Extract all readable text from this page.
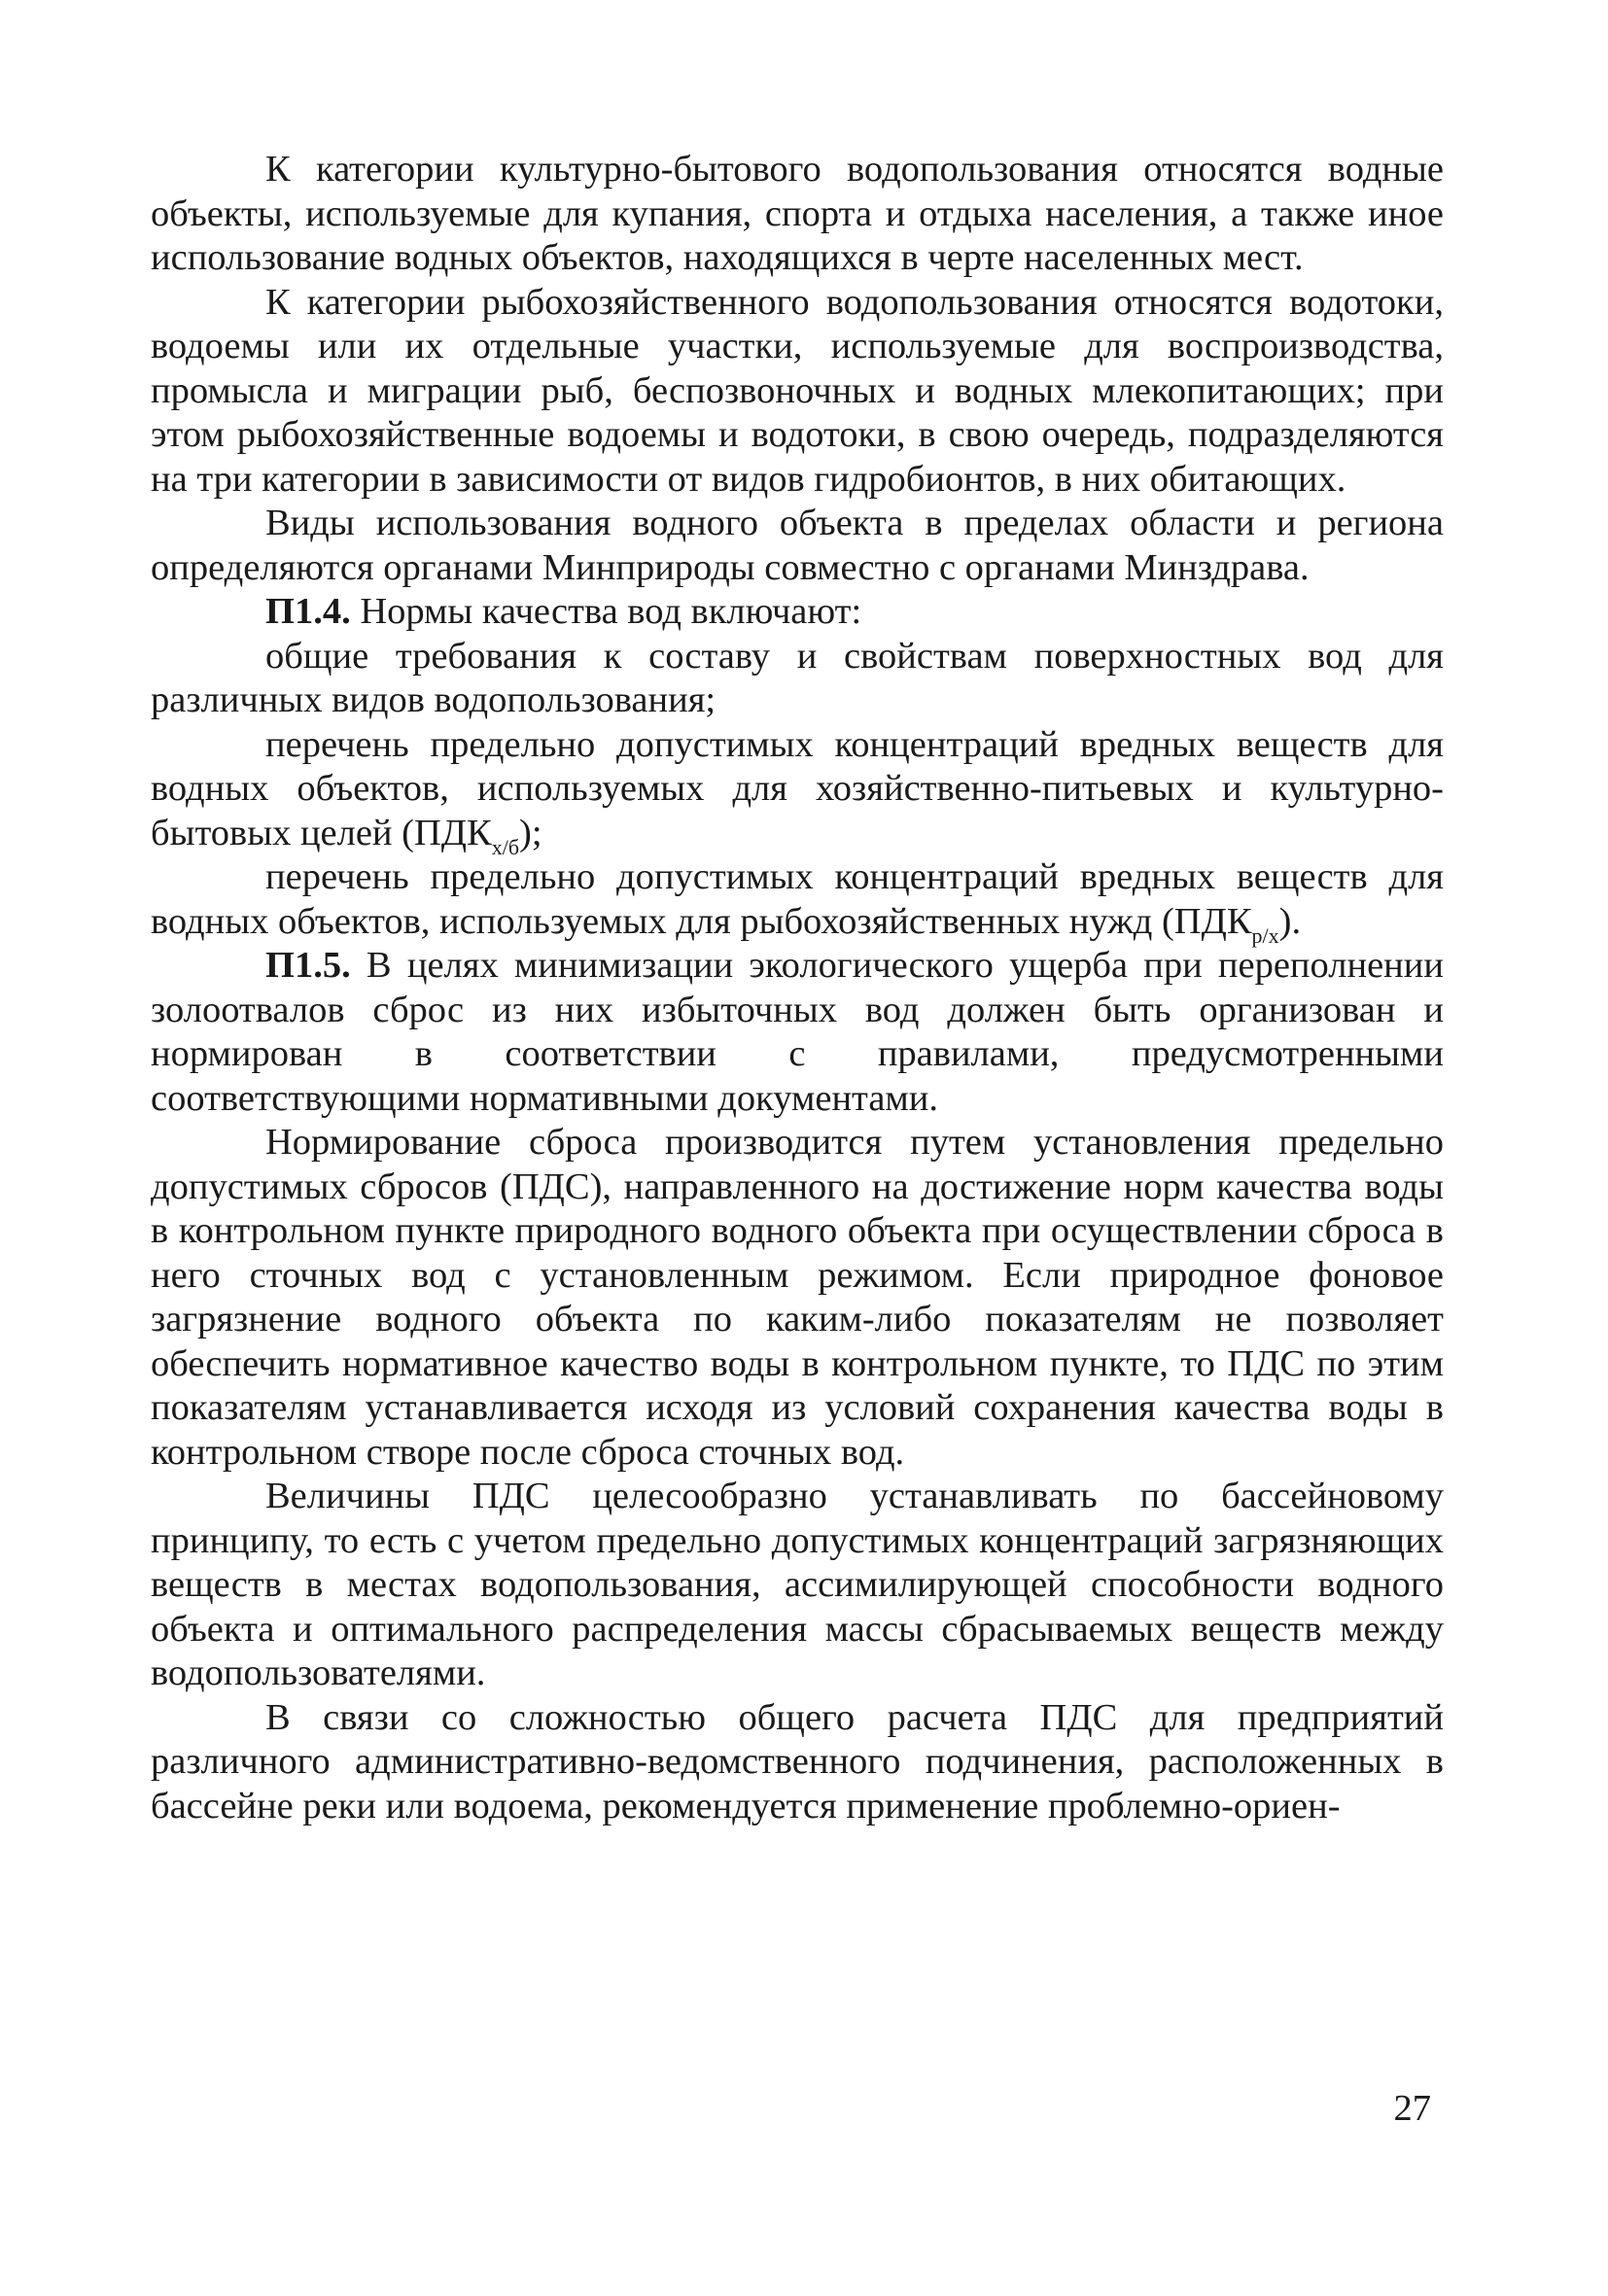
К категории культурно-бытового водопользования относятся водные объекты, используемые для купания, спорта и отдыха населения, а также иное использование водных объектов, находящихся в черте населенных мест.

К категории рыбохозяйственного водопользования относятся водотоки, водоемы или их отдельные участки, используемые для воспроизводства, промысла и миграции рыб, беспозвоночных и водных млекопитающих; при этом рыбохозяйственные водоемы и водотоки, в свою очередь, подразделяются на три категории в зависимости от видов гидробионтов, в них обитающих.

Виды использования водного объекта в пределах области и региона определяются органами Минприроды совместно с органами Минздрава.

П1.4. Нормы качества вод включают:

общие требования к составу и свойствам поверхностных вод для различных видов водопользования;

перечень предельно допустимых концентраций вредных веществ для водных объектов, используемых для хозяйственно-питьевых и культурно-бытовых целей $(ПДК_{х/б})$;

перечень предельно допустимых концентраций вредных веществ для водных объектов, используемых для рыбохозяйственных нужд $(ПДК_{р/х})$.

П1.5. В целях минимизации экологического ущерба при переполнении золоотвалов сброс из них избыточных вод должен быть организован и нормирован в соответствии с правилами, предусмотренными соответствующими нормативными документами.

Нормирование сброса производится путем установления предельно допустимых сбросов (ПДС), направленного на достижение норм качества воды в контрольном пункте природного водного объекта при осуществлении сброса в него сточных вод с установленным режимом. Если природное фоновое загрязнение водного объекта по каким-либо показателям не позволяет обеспечить нормативное качество воды в контрольном пункте, то ПДС по этим показателям устанавливается исходя из условий сохранения качества воды в контрольном створе после сброса сточных вод.

Величины ПДС целесообразно устанавливать по бассейновому принципу, то есть с учетом предельно допустимых концентраций загрязняющих веществ в местах водопользования, ассимилирующей способности водного объекта и оптимального распределения массы сбрасываемых веществ между водопользователями.

В связи со сложностью общего расчета ПДС для предприятий различного административно-ведомственного подчинения, расположенных в бассейне реки или водоема, рекомендуется применение проблемно-ориен-

27
